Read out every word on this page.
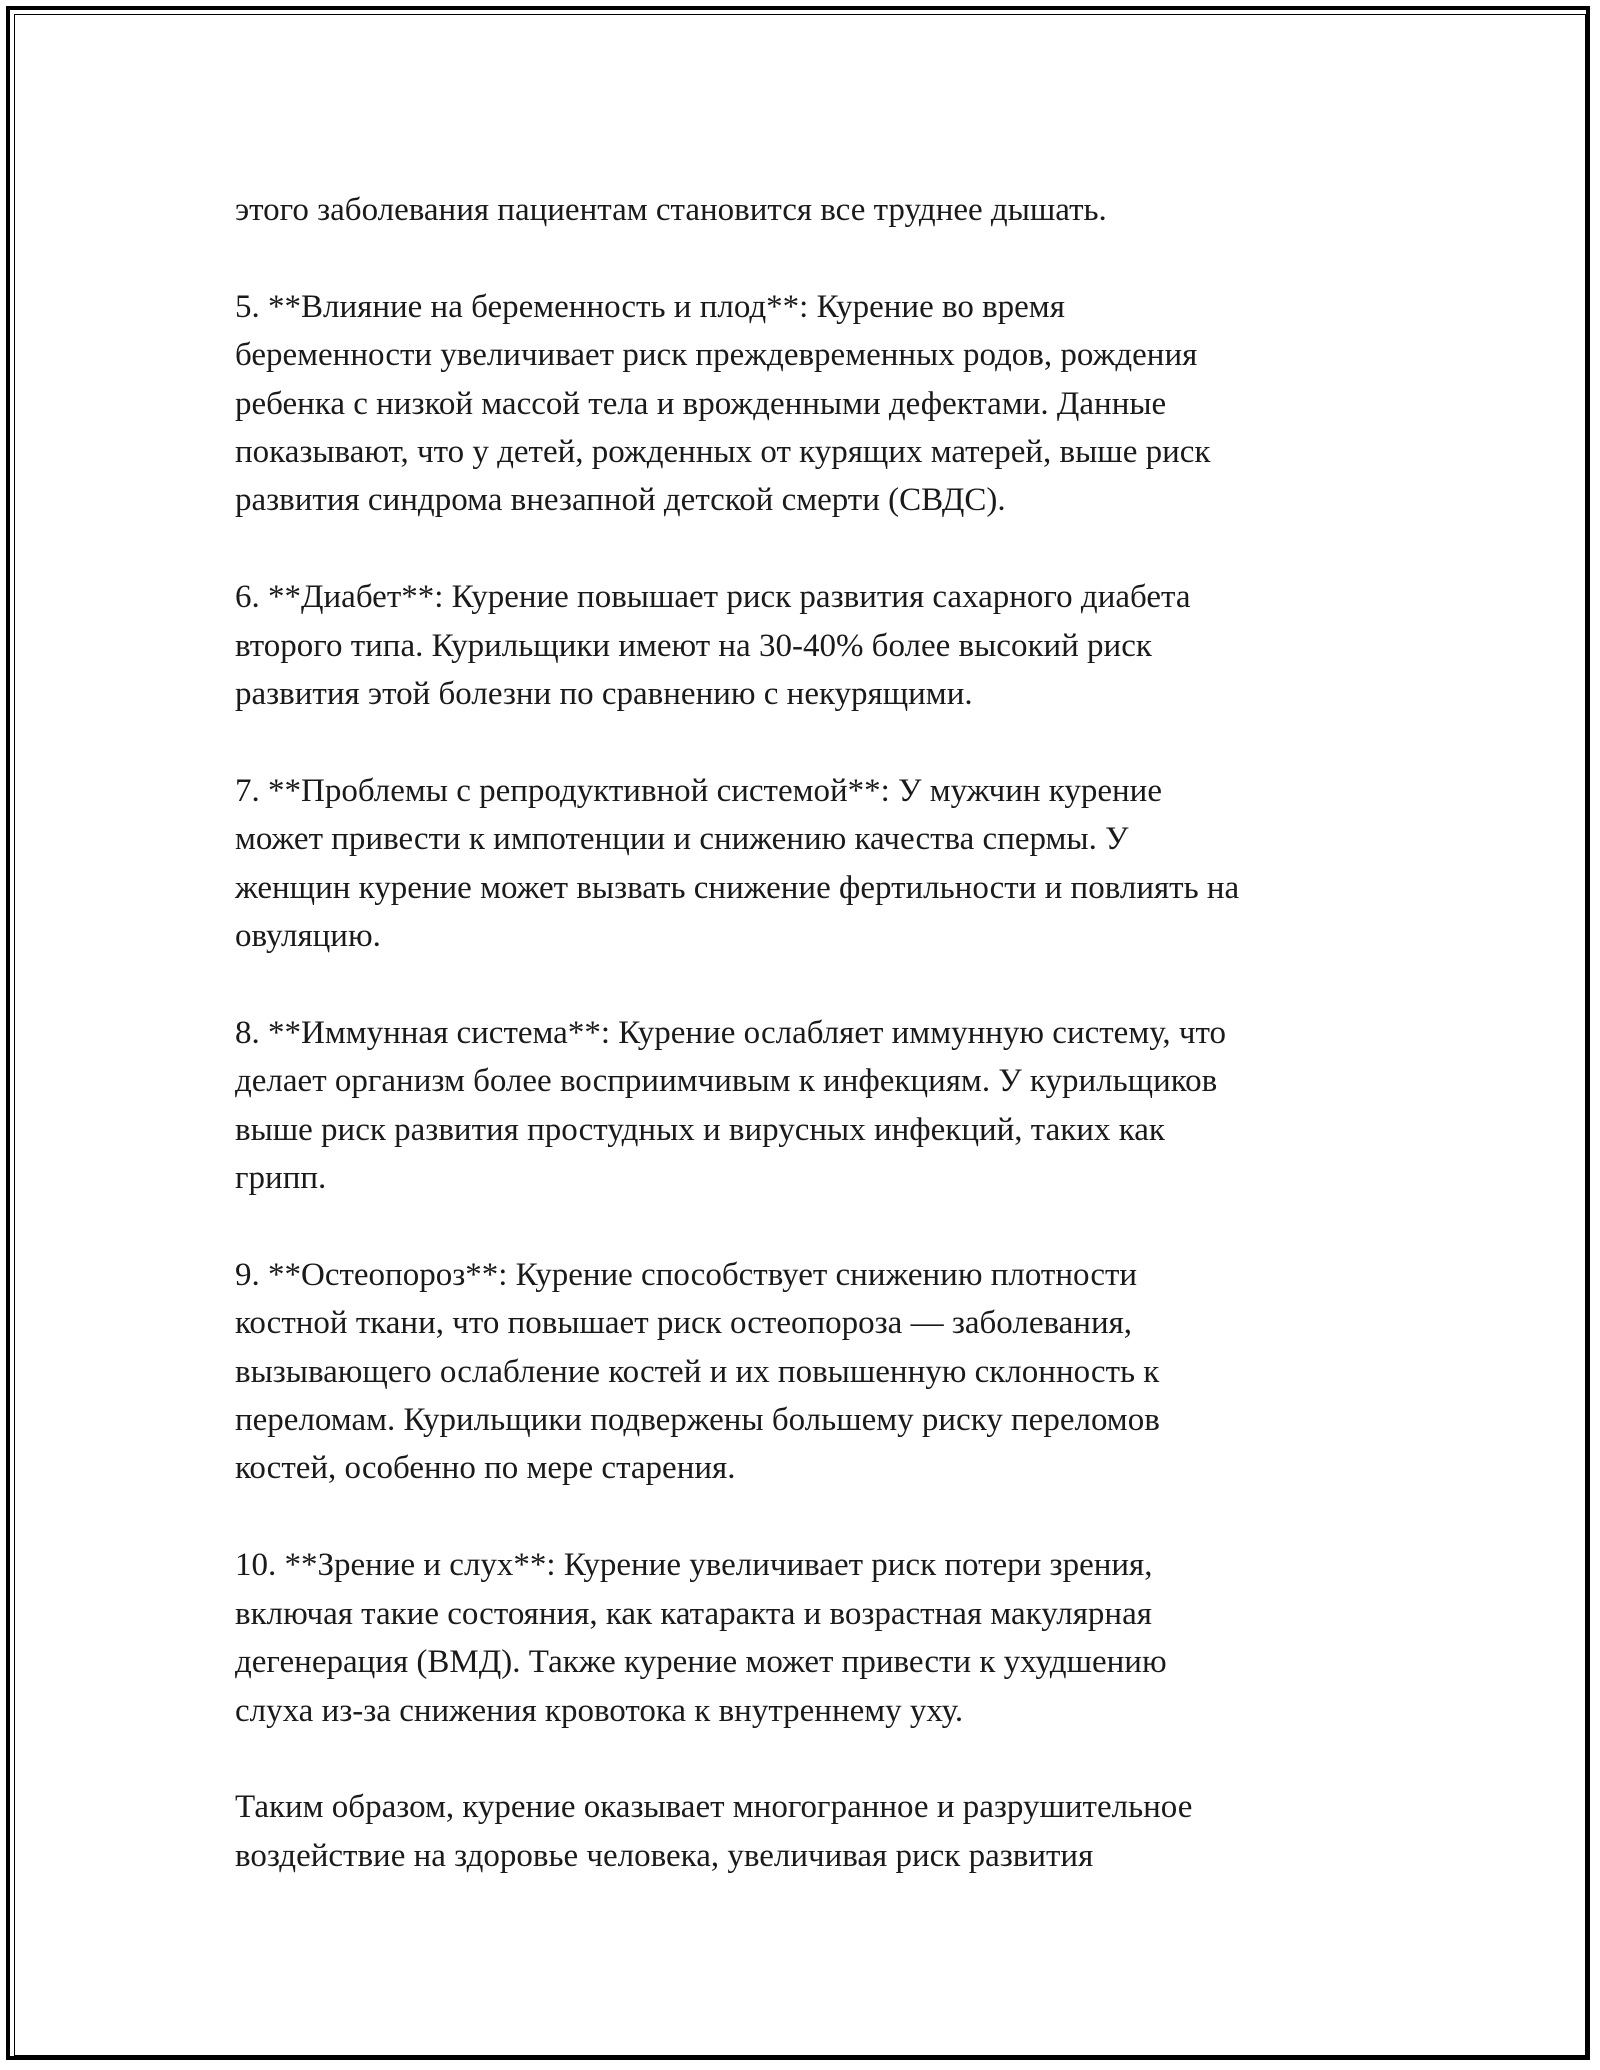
этого заболевания пациентам становится все труднее дышать.

5. **Влияние на беременность и плод**: Курение во время
беременности увеличивает риск преждевременных родов, рождения
ребенка с низкой массой тела и врожденными дефектами. Данные
показывают, что у детей, рожденных от курящих матерей, выше риск
развития синдрома внезапной детской смерти (СВДС).

6. **Диабет**: Курение повышает риск развития сахарного диабета
второго типа. Курильщики имеют на 30-40% более высокий риск
развития этой болезни по сравнению с некурящими.

7. **Проблемы с репродуктивной системой**: У мужчин курение
может привести к импотенции и снижению качества спермы. У
женщин курение может вызвать снижение фертильности и повлиять на
овуляцию.

8. **Иммунная система**: Курение ослабляет иммунную систему, что
делает организм более восприимчивым к инфекциям. У курильщиков
выше риск развития простудных и вирусных инфекций, таких как
грипп.

9. **Остеопороз**: Курение способствует снижению плотности
костной ткани, что повышает риск остеопороза — заболевания,
вызывающего ослабление костей и их повышенную склонность к
переломам. Курильщики подвержены большему риску переломов
костей, особенно по мере старения.

10. **Зрение и слух**: Курение увеличивает риск потери зрения,
включая такие состояния, как катаракта и возрастная макулярная
дегенерация (ВМД). Также курение может привести к ухудшению
слуха из-за снижения кровотока к внутреннему уху.

Таким образом, курение оказывает многогранное и разрушительное
воздействие на здоровье человека, увеличивая риск развития
